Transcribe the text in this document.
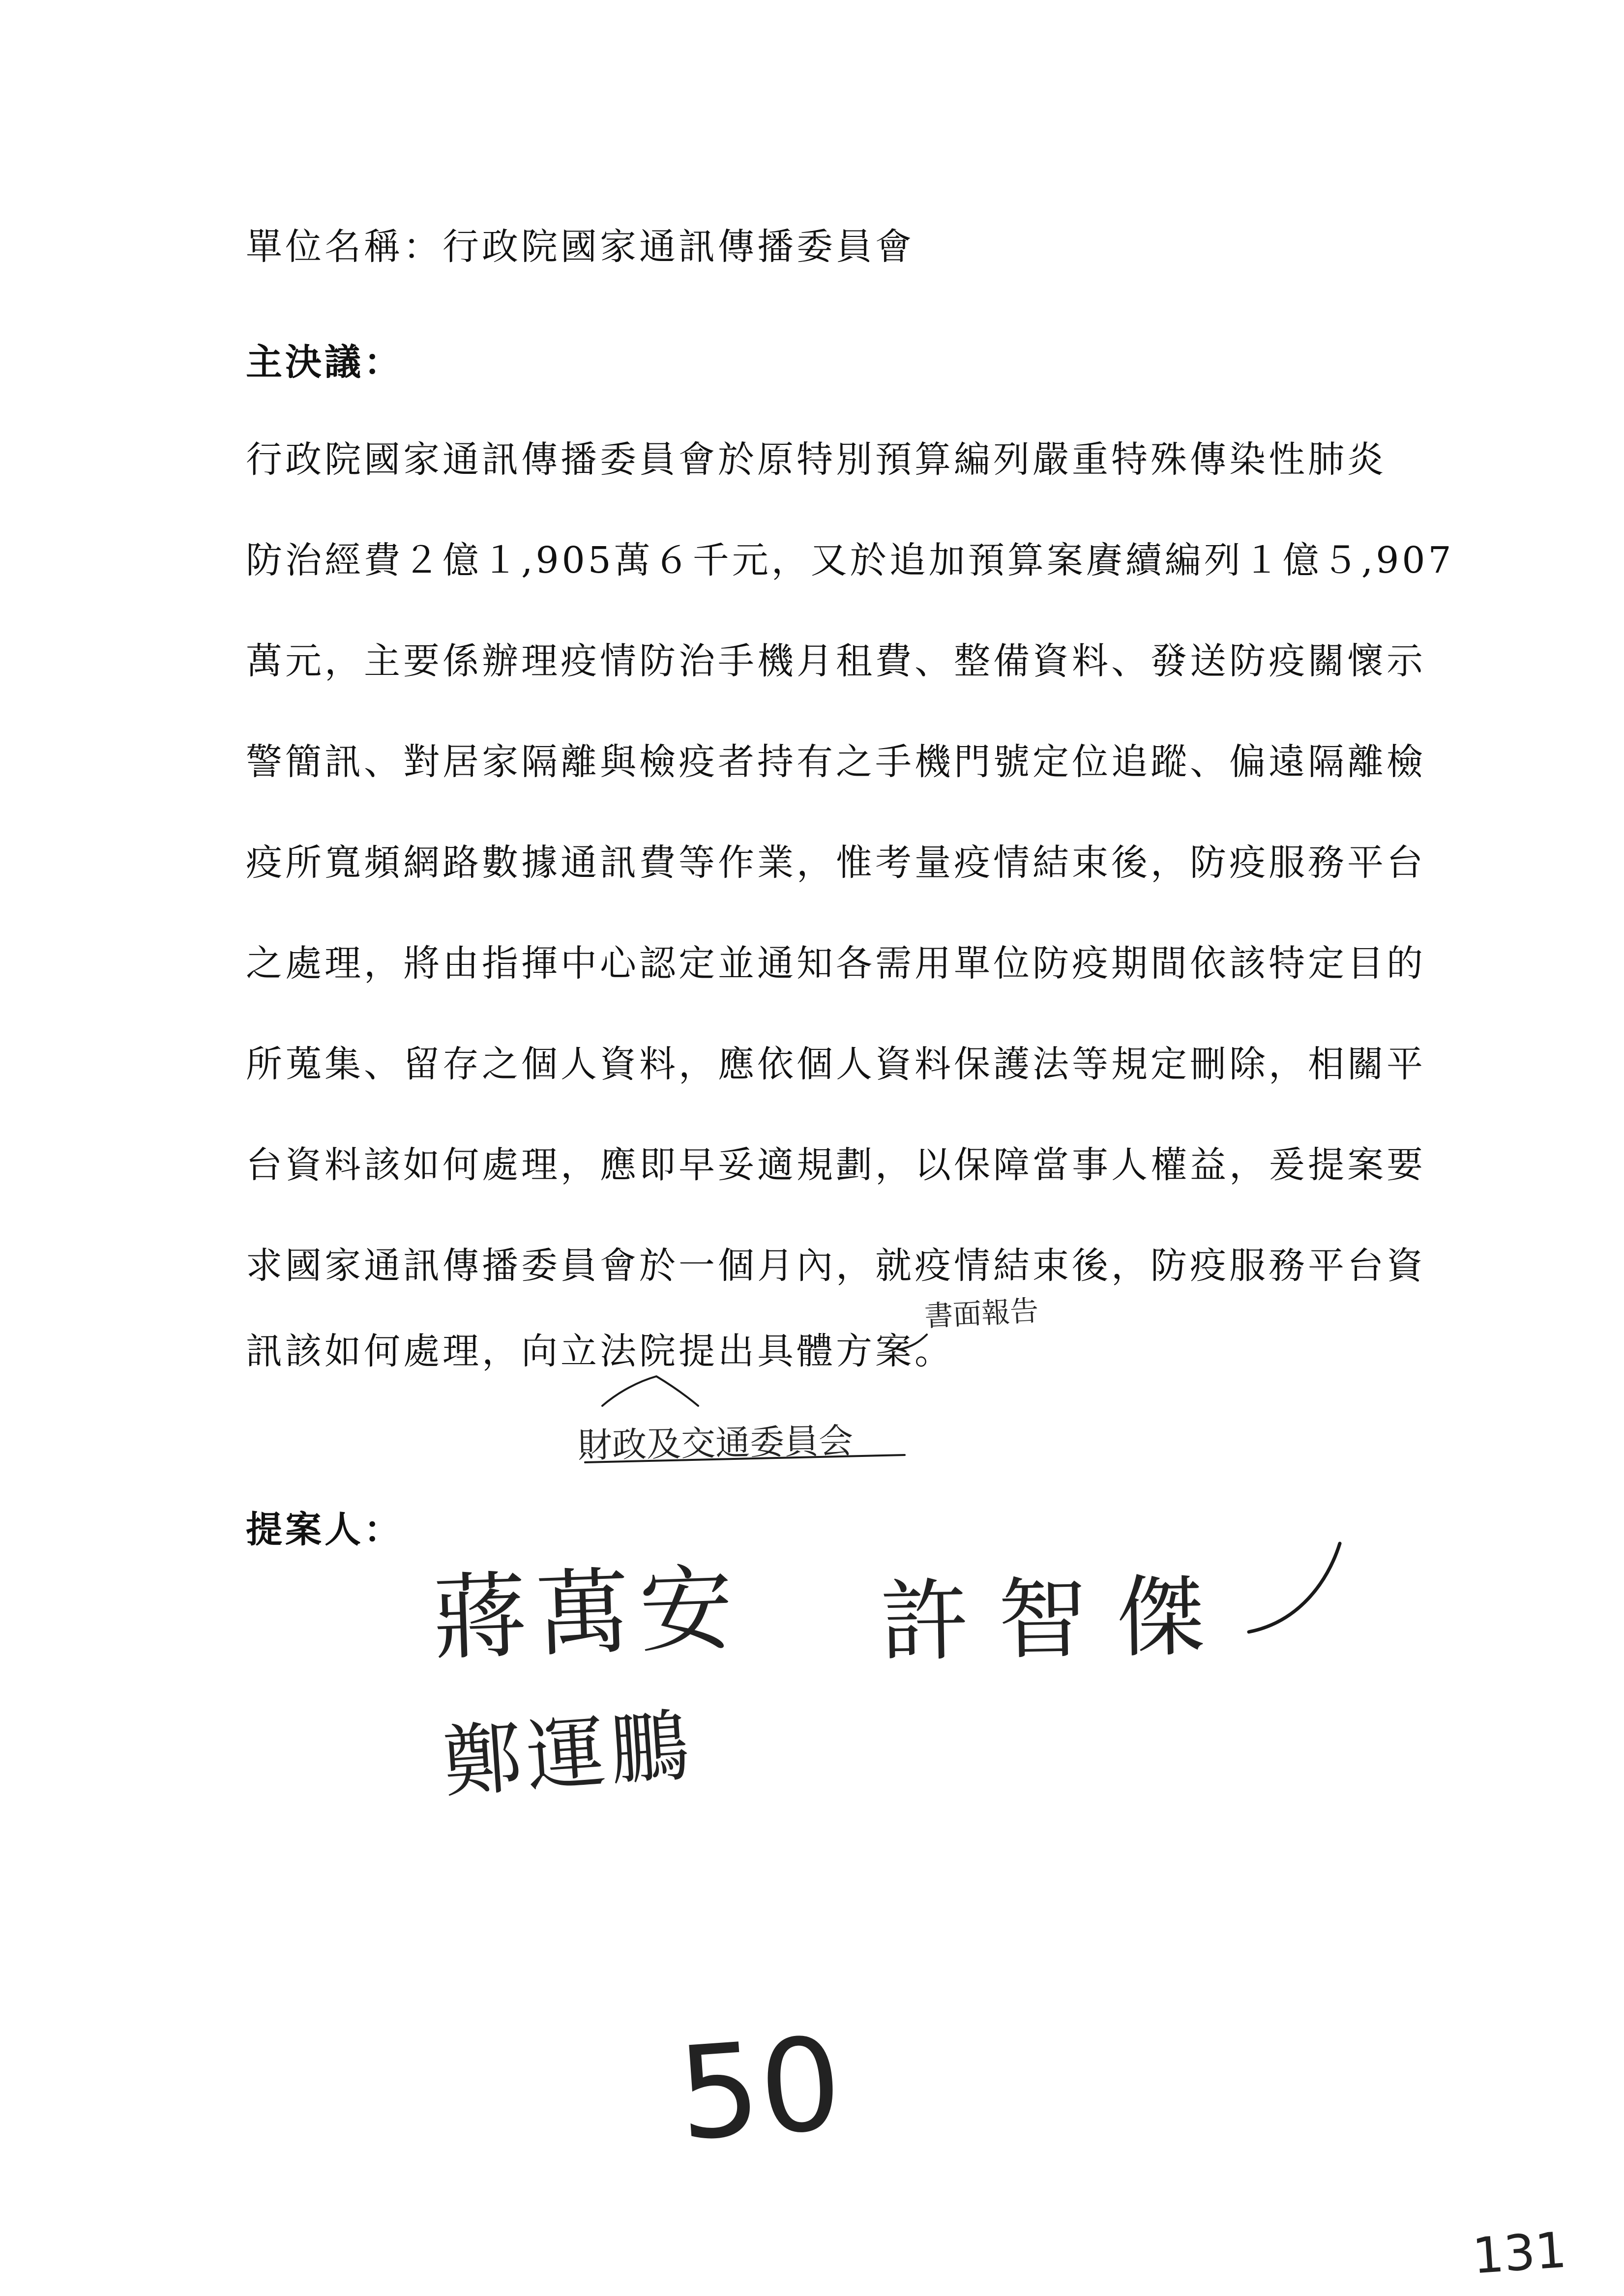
單位名稱：行政院國家通訊傳播委員會
主決議：
行政院國家通訊傳播委員會於原特別預算編列嚴重特殊傳染性肺炎
防治經費２億１,905萬６千元，又於追加預算案賡續編列１億５,907
萬元，主要係辦理疫情防治手機月租費、整備資料、發送防疫關懷示
警簡訊、對居家隔離與檢疫者持有之手機門號定位追蹤、偏遠隔離檢
疫所寬頻網路數據通訊費等作業，惟考量疫情結束後，防疫服務平台
之處理，將由指揮中心認定並通知各需用單位防疫期間依該特定目的
所蒐集、留存之個人資料，應依個人資料保護法等規定刪除，相關平
台資料該如何處理，應即早妥適規劃，以保障當事人權益，爰提案要
求國家通訊傳播委員會於一個月內，就疫情結束後，防疫服務平台資
訊該如何處理，向立法院提出具體方案。
書面報告
財政及交通委員会
提案人：
蔣萬安 許智傑
鄭運鵬
50
131
